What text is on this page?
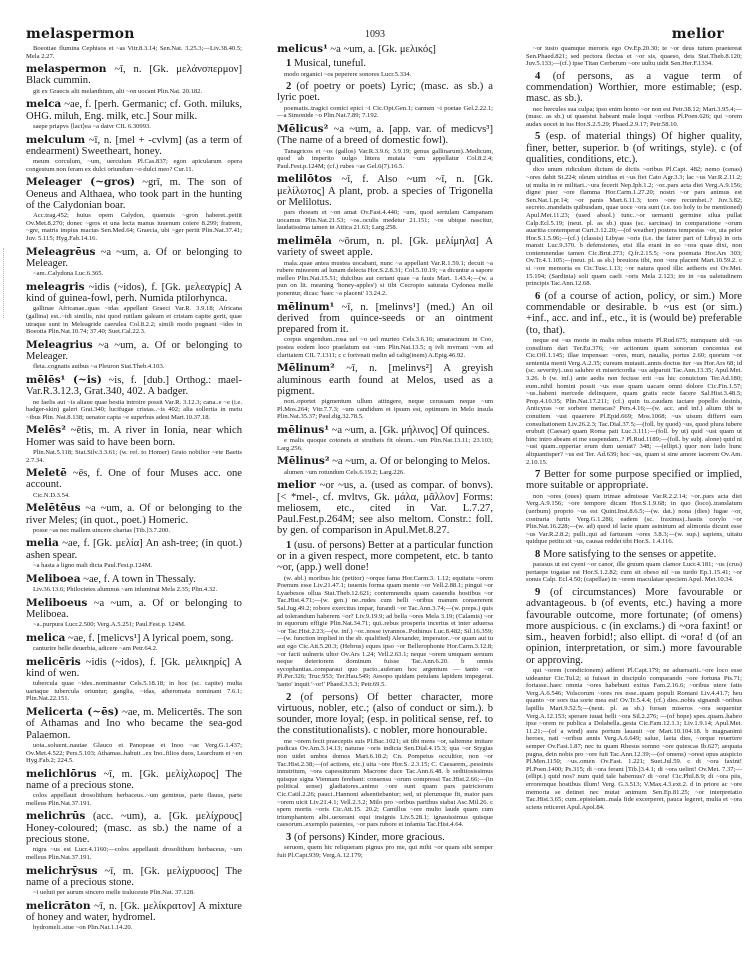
melaspermon	1093	melior
Boeotiae flumina Cephisos et ~as Vitr.8.3.14; Sen.Nat. 3.25.3;—Liv.38.40.5; Mela 2.27.
melaspermon ~ī, n. [Gk. μελάνσπερμον] Black cummin.
git ex Graecis alii melanthium, alii ~on uocant Plin.Nat. 20.182.
melca ~ae, f. [perh. Germanic; cf. Goth. miluks, OHG. miluh, Eng. milk, etc.] Sour milk.
saepe priapvs ⟨lact⟩ea ~a datvr CIL 6.30993.
melculum ~ī, n. [mel + -cvlvm] (as a term of endearment) Sweetheart, honey.
meum corculum, ~um, uerculum Pl.Cas.837; egon apicularum opera congestum non feram ex dulci oriundum ~o dulci meo? Cur.11.
Meleager (~gros) ~grī, m. The son of Oeneus and Althaea, who took part in the hunting of the Calydonian boar.
Acc.trag.452; huius opem Calydon, quamuis ~gron haberet..petiit Ov.Met.8.270; donec ~gros et una lecta manus iuuenum coiere 8.299; fratrem, ~gre, matris impius mactas Sen.Med.64; Graecia, ubi ~ger periit Plin.Nat.37.41; Juv. 5.115; Hyg.Fab.14.16.
Meleagrēus ~a ~um, a. Of or belonging to Meleager.
~am..Calydona Luc.6.365.
meleagris ~idis (~idos), f. [Gk. μελεαγρίς] A kind of guinea-fowl, perh. Numida ptilorhynca.
gallinae Africanae..quas ~idas appellant Graeci Var.R. 3.9.18; Africana (gallina) est..~idi similis, nisi quod rutilam galeam et cristam capite gerit, quae utraque sunt in Meleagride caerulea Col.8.2.2; simili modo pugnant ~ides in Boeotia Plin.Nat.10.74; 37.40; Suet.Cal.22.3.
Meleagrius ~a ~um, a. Of or belonging to Meleager.
fleta..cognatis auibus ~a Pleuron Stat.Theb.4.103.
mēlēs¹ (~is) ~is, f. [dub.] Orthog.: mael- Var.R.3.12.3, Grat.340, 402. A badger.
ne faelis aut ~is aliaue quae bestia introire possit Var.R. 3.12.3; cana..e ~e (i.e. badger-skin) galeri Grat.340; lucifugae cristas..~is 402; alia sollertia in metu ~ibus Plin. Nat.8.138; uenator capta ~e superbus adest Mart.10.37.18.
Melēs² ~ētis, m. A river in Ionia, near which Homer was said to have been born.
Plin.Nat.5.118; Stat.Silv.3.3.61; (w. ref. to Homer) Graio nobilior ~ete Baetis 2.7.34.
Meletē ~ēs, f. One of four Muses acc. one account.
Cic.N.D.3.54.
Melētēus ~a ~um, a. Of or belonging to the river Meles; (in quot., poet.) Homeric.
posse ~as nec mallem uincere chartas [Tib.]3.7.200.
melia ~ae, f. [Gk. μελία] An ash-tree; (in quot.) ashen spear.
~a hasta a ligno mali dicta Paul.Fest.p.124M.
Meliboea ~ae, f. A town in Thessaly.
Liv.36.13.6; Philoctetes alumnus ~am inluminat Mela 2.35; Plin.4.32.
Meliboeus ~a ~um, a. Of or belonging to Meliboea.
~a..purpura Lucr.2.500; Verg.A.5.251; Paul.Fest.p. 124M.
melica ~ae, f. [melicvs¹] A lyrical poem, song.
canturire belle deuerbia, adicere ~am Petr.64.2.
melicēris ~idis (~idos), f. [Gk. μελικηρίς] A kind of wen.
tubercula quae ~ides..nominantur Cels.5.18.18; in hoc (sc. capite) multa uariaque tubercula oriuntur; ganglia, ~idas, atheromata nominant 7.6.1; Plin.Nat.22.151.
Melicerta (~ēs) ~ae, m. Melicertēs. The son of Athamas and Ino who became the sea-god Palaemon.
uota..soluent..nautae Glauco et Panopeae et Inoo ~ae Verg.G.1.437; Ov.Met.4.522; Pers.5.103; Athamas..habuit ..ex Ino..filios duos, Learchum et ~en Hyg.Fab.2; 224.5.
melichlōrus ~ī, m. [Gk. μελίχλωρος] The name of a precious stone.
colos appellauit drosolithum herbaceus..~um geminus, parte flauus, parte melleus Plin.Nat.37.191.
melichrūs (acc. ~um), a. [Gk. μελίχρους] Honey-coloured; (masc. as sb.) the name of a precious stone.
nigra ~us est Lucr.4.1160;—colos appellauit drosolithum herbaceus, ~um melleus Plin.Nat.37.191.
melichrȳsus ~ī, m. [Gk. μελίχρυσος] The name of a precious stone.
~i ueluti per aurum sincero melle traluceute Plin.Nat. 37.128.
melicrāton ~ī, n. [Gk. μελίκρατον] A mixture of honey and water, hydromel.
hydromeli..siue ~on Plin.Nat.1.14.20.
melicus¹ ~a ~um, a. [Gk. μελικός]
1 Musical, tuneful.
modo organici ~os peperere sonores Lucr.5.334.
2 (of poetry or poets) Lyric; (masc. as sb.) a lyric poet.
poematis..tragici comici epici ~i Cic.Opt.Gen.1; carmen ~i poetae Gel.2.22.1;—a Simonide ~o Plin.Nat.7.89; 7.192.
Mēlicus² ~a ~um, a. [app. var. of medicvs³] (The name of a breed of domestic fowl).
Tanagricos et ~os (gallos) Var.R.3.9.6; 3.9.19; genus gallinarum)..Medicum, quod ab imperito uulgo littera mutata ~um appellatur Col.8.2.4; Paul.Fest.p.124M; (cf.) rubes ~ae Gel.6(7).16.5.
melilōtos ~ī, f. Also ~um ~ī, n. [Gk. μελίλωτος] A plant, prob. a species of Trigonella or Melilotus.
pars rhoeam et ~on amat Ov.Fast.4.440; ~um, quod sertulam Campanam uocamus Plin.Nat.21.53; ~os..oculis medetur 21.151; ~os ubique nascitur, laudatissima tamen in Attica 21.63; Larg.258.
melimēla ~ōrum, n. pl. [Gk. μελίμηλα] A variety of sweet apple.
mala..quae antea mustea uocabant, nunc ~a appellant Var.R.1.59.1; decuit ~a rubere minorem ad lunam delecta Hor.S.2.8.31; Col.5.10.19; ~a dicuntur a sapore melleo Plin.Nat.15.51; dulcibus aut certant quae ~a fauis Mart. 1.43.4;—(w. a pun on lit. meaning 'honey-apples') si tibi Cecropio saturata Cydonea melle ponentur, dicas: 'haec ~a placent' 13.24.2.
mēlinum¹ ~ī, n. [melinvs¹] (med.) An oil derived from quince-seeds or an ointment prepared from it.
corpus ungendum..rosa uel ~o uel murteo Cels.3.6.16; amaracinum in Coo, postea eodem loco praelatum est ~um Plin.Nat.13.5; q ivli mvrrani ~vm ad claritatem CIL 7.1311; c c fortvnati melin ad calig(inem) A.Epig.46.92.
Mēlinum² ~ī, n. [melinvs²] A greyish aluminous earth found at Melos, used as a pigment.
non..oportet pigmentum ullum attingere, neque cerussam neque ~um Pl.Mos.264; Vitr.7.7.3; ~um candidum et ipsum est, optimum in Melo insula Plin.Nat.35.37; Paul.dig.32.78.5.
mēlinus¹ ~a ~um, a. [Gk. μήλινος] Of quinces.
e malis quoque cotoneis et strutheis fit oleum..~um Plin.Nat.13.11; 23.103; Larg.256.
Mēlinus² ~a ~um, a. Of or belonging to Melos.
alumen ~um rotundum Cels.6.19.2; Larg.226.
melior ~or ~us, a. (used as compar. of bonvs). [< *mel-, cf. mvltvs, Gk. μάλα, μᾶλλον] Forms: meliosem, etc., cited in Var. L.7.27, Paul.Fest.p.264M; see also meltom. Constr.: foll. by gen. of comparison in Apul.Met.8.27.
1 (usu. of persons) Better at a particular function or in a given respect, more competent, etc. b tanto ~or, (app.) well done!
(w. abl.) moribus hic (petitor) ~orque fama Hor.Carm.3. 1.12; equitatu ~orem Poenum esse Liv.21.47.1; iuuenis forma quam mente ~or Vell.2.88.1; pingui ~or Lyaebesos ollua Stat.Theb.12.621; contemnendis quam cauendis hostibus ~or Tac.Hist.4.71;—(w. gen.) ne..rudes cum belli ~oribus manum consererent Sal.Jug.49.2; robore exercitus impar, furandi ~or Tac.Ann.3.74;—(w. preps.) quis ad tolerandum haberem ~or? Liv.9.19.9; ad bella ~ores Mela 3.19; (Calamis) ~or in equorum effigie Plin.Nat.34.71; qui..rebus prosperis incertus et inter aduersa ~or Tac.Hist.2.23;—(w. inf.) ~or..nosse tyrannos..Pothinus Luc.8.482; Sil.16.359;—(w. function implied in the sb. qualified) Alexander, imperator..~or quam aut tu aut ego Cic.Att.5.20.3; (Hebrus) eques ipso ~or Bellerophonte Hor.Carm.3.12.8; ~or facti uulneris ultor Ov.Ars 1.24; Vell.2.63.1; neque ~orem umquam seruum neque deteriorem dominum fuisse Tac.Ann.6.20. b omnis sycophantias..comparaui quo pacto..auferam hoc argentum — tanto ~or Pl.Per.326; Truc.953; Ter.Hau.549; Aesopo quidam petulans lapidem impegerat. 'tanto' inquit '~or!' Phaed.3.5.3; Petr.69.5.
2 (of persons) Of better character, more virtuous, nobler, etc.; (also of conduct or sim.). b sounder, more loyal; (esp. in political sense, ref. to the constitutionalists). c nobler, more honourable.
me ~orem fecit praeceptis suis Pl.Bac.1021; sit tibi mens ~or, saltemne imitare pudicas Ov.Am.3.14.13; naturae ~oris indicia Sen.Dial.4.15.3; qua ~or Stygias non uidet umbra domos Mart.6.18.2; Cn. Pompeius occultior, non ~or Tac.Hist.2.38;—(of actions, etc.) uita ~ore Hor.S. 2.3.15; C. Caesarem,..pessimis innutritum, ~ora capessiturum Macrone duce Tac.Ann.6.48. b seditiosissimus quisque signa Viennam ferebant: consensu ~orum compressi Tac.Hist.2.66;—(in political sense) gladiatores..animo ~ore sunt quam pars patriciorum Cic.Catil.2.26; pauci..Hannoni adsentiebantur; sed, ut plerumque fit, maior pars ~orem uicit Liv.21.4.1; Vell.2.3.2; Milo pro ~oribus partibus stabat Asc.Mil.26. c spem mortis ~oris Cic.Att.15. 20.2; Camillus ~ore multo laude quam cum triumphantem albi..uexerant equi insignis Liv.5.28.1; ignauissimus quisque caesorum..exemplo pauentes, ~or pars rubore et infamia Tac.Hist.4.64.
3 (of persons) Kinder, more gracious.
seruom, quem hic reliqueram pignus pro me, qui mihi ~or quam sibi semper fuit Pl.Capt.939; Verg.A.12.179;
~or iusto quamque meroris ego Ov.Ep.20.30; te ~or deus tutum praetereat Sen.Phaed.821; sed pectora flectas et ~or sis, quaeso, deis Stat.Theb.8.120; Juv.5.133;—(cf.) ipse Titan Cerberum ~ore uultu uidit Sen.Her.F.1334.
4 (of persons, as a vague term of commendation) Worthier, more estimable; (esp. masc. as sb.).
nec hercules sua culpa; ipso enim homo ~or non est Petr.38.12; Mart.3.95.4;—(masc. as sb.) ut quaestui habeant male loqui ~oribus Pl.Poen.626; qui ~orem audax uocet in ius Hor.S.2.5.29; Phaed.2.9.17; Petr.58.10.
5 (esp. of material things) Of higher quality, finer, better, superior. b (of writings, style). c (of qualities, conditions, etc.).
dico unum ridiculum dictum de dictis ~oribus Pl.Capt. 482; nemo (cenas) ~ores dabit St.224; oleum uiridius et ~us fiet Cato Agr.3.3; lac ~us Var.R.2.11.2; ut multa in re militari..~ura fecerit Nep.Iph.1.2; ~or..pars acta diei Verg.A.9.156; digne puer ~ore flamma Hor.Carm.1.27.20; nostri ~or pars animus est Sen.Nat.1.pr.14; ~or panis Mart.6.11.3; toro ~ore recumbet..? Juv.3.82; secreto..mandatis quibusdam, quae uoce ~ora sunt (i.e. too holy to be mentioned) Apul.Met.11.23; (used absol.) tunc..~or uernanti germine silua pullat Calp.Ecl.5.19; (neut. pl. as sb.) quas (sc. sarcinas) in comparatione ~orum auaritia contemperat Curt.3.12.20;—(of weather) postera tempestas ~or, uia peior Hor.S.1.5.96;—(cf.) (classis) Libyae ~oris (i.e. the fairer part of Libya) in oris mansit Luc.9.370. b defensiones, etsi illa erant in eo ~ora quae dixi, non contemnendae tamen Cic.Brut.273; Q.fr.2.15.5; ~ora poemata Hor.Ars 303; Ov.Tr.4.1.105;—(neut. pl. as sb.) breuiora tibi, non ~ora placent Mart.10.59.2. c si ~ore memoria es Cic.Tusc.1.13; ~or natura quod illic aetheris est Ov.Met. 15.194; (Sardinia) soli quam caeli ~oris Mela 2.123; ire in ~us ualetudinem principis Tac.Ann.12.68.
6 (of a course of action, policy, or sim.) More commendable or desirable. b ~us est (or sim.) +inf., acc. and inf., etc., it is (would be) preferable (to, that).
neque est ~us morte in malis rebus miseris Pl.Rud.675; numquam uidi ~us consilium dari Ter.Eu.376; ~or actionum quam sonorum concentus est Cic.Off.1.145; illae impensae: ~ores, muri, naualia, portus 2.60; quorum ~or sententia menti Verg.A.2.35; cursum mutauit..annis doctus iter ~us Hor.Ars 68; id (sc. severity)..usu salubre et misericordia ~us adparuit Tac.Ann.13.35; Apul.Met. 3.26. b (w. inf.) ante aedis non fecisse erit ~us hic conuicium Ter.Ad.180; eum..nihil homini possit ~us esse quam uacare omni dolore Cic.Fin.1.57; ~us..habent mercede delinquere, quam gratis recte facere Sal.Hist.3.48.5; Prop.4.10.35; Plin.Nat.17.211; (cf.) quin tu..caudam iactare popello desinis, Anticyras ~or sorbere meracas? Pers.4.16;—(w. acc. and inf.) alium tibi te conuitem ~ust quaerere Pl.Epid.669; Mos.1068; ~us uisum differri eam consultationem Liv.26.2.3; Tac.Dial.37.5;—(foll. by quod) ~us, quod plura iubere erubuit (Caesar) quam Roma pati Luc.3.111;—(foll. by ut) quid ~ust quam ut hinc intro abeam et me suspendam..? Pl.Rud.1189;—(foll. by subj. alone) quid ni ~ust quam..opperiar erum dum ueniat? 348; —(ellipt.) quor non ludo hunc aliquantisper? ~us est Ter. Ad.639; hoc ~us, quam si sine amore iacerem Ov.Am. 2.10.15.
7 Better for some purpose specified or implied, more suitable or appropriate.
non ~ores (oues) quam trimae admissae Var.R.2.2.14; ~or..pars acta diei Verg.A.9.156; ~ore tempore dicam Hor.S.1.9.68; in quo (loco)..translatum (uerbum) proprio ~us est Quint.Inst.8.6.5;—(w. dat.) nona (dies) fugae ~or, contraria furtis Verg.G.1.286; eadem (sc. fraxinus)..hastis corylo ~or Plin.Nat.16.228;—(w. ad) quod id lacte quam asininum ad alimonia dicunt esse ~us Var.R.2.8.2; pulli..qui ad farturam ~ores 3.8.3;—(w. sup.) sapiens, uitatu quidque petitu sit ~us, causas reddet tibi Hor.S. 1.4.116.
8 More satisfying to the senses or appetite.
parasus ut est cyeni ~or canor, ille gruum quam clamor Lucr.4.181; ~us (crus) pertaepe togatae est Hor.S.1.2.82; cum sit obeso nil ~us turdo Ep.1.15.41; ~or sonus Calp. Ecl.4.50; (capellae) in ~orem maculatae speciem Apul. Met.10.34.
9 (of circumstances) More favourable or advantageous. b (of events, etc.) having a more favourable outcome, more fortunate; (of omens) more auspicious. c (in exclams.) di ~ora faxint! or sim., heaven forbid!; also ellipt. di ~ora! d (of an opinion, interpretation, or sim.) more favourable or approving.
qui ~orem (condicionem) adferet Pl.Capt.179; ne aduersarii..~ore loco esse uideantur Cic.Tul.2; si fuisset in discipulo comparando ~ore fortuna Pis.71; fortasse..haec omnia ~ores habebunt exitus Fam.2.16.6; ~oribus utere fatis Verg.A.6.546; Volscorum ~ores res esse..quam populi Romani Liv.4.41.7; heu quanto ~or sors tua sorte mea est! Ov.Tr.5.4.4; (cf.) dies..nobis signandi ~oribus lapillis Mart.9.52.5;—(neut. pl. as sb.) forsan miseros ~ora sequentur Verg.A.12.153; sperare iuuat belli ~ora Sil.2.276; —(of hope) spes..quam..habeo ipse ~orem re publica a Dolabella..gesta Cic.Fam.12.1.1; Liv.1.9.14; Apul.Met. 11.21;—(of a wind) aura portum lauauit ~or Mart.10.104.18. b magnanimi heroes, nati ~oribus annis Verg.A.6.649; salue, laeta dies, ~orque reuertere semper Ov.Fast.1.87; nec tu quam Rhesus somno ~ore quiescas Ib.627; aequata pugna, dein nobis pro ~ore fuit Tac.Ann.12.39;—(of omens) ~orest opus auspicio Pl.Men.1150; ~us..omen Ov.Fast. 1.221; Suet.Jul.59. c di ~ora faxint! Pl.Poen.1400; Ps.315; di ~ora ferant [Tib.]3.4.1; di ~ora uelint! Ov.Met. 7.37;—(ellipt.) quid nos? num quid tale habemus? di ~ora! Cic.Phil.8.9; di ~ora piis, erroremque hostibus illum! Verg. G.3.513; V.Max.4.3.ext.2. d in priore ac ~ore memoria se detinet nec mutat animum Sen.Ep.81.25; ~or interpretatio Tac.Hist.3.65; cum..epistolam..mala fide excerperet, pauca legeret, multa et ~ora sciens reticeret Apul.Apol.84.
